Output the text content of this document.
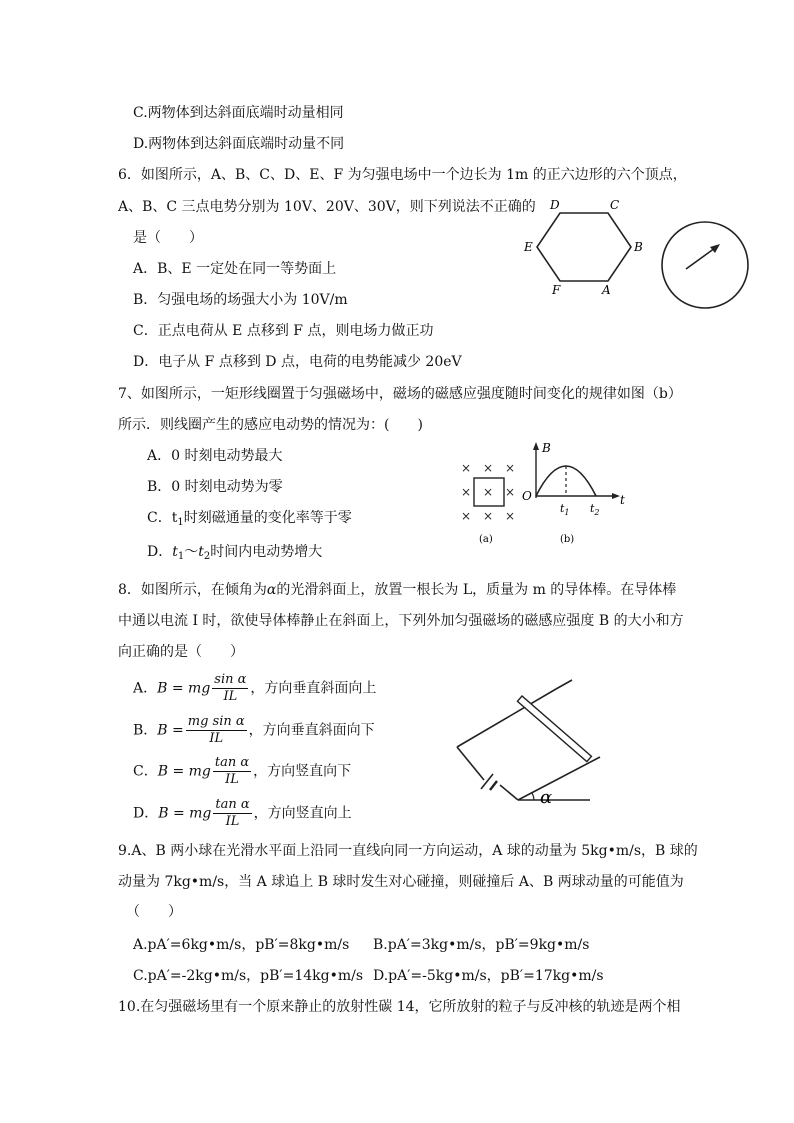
C.两物体到达斜面底端时动量相同
D.两物体到达斜面底端时动量不同
6．如图所示，A、B、C、D、E、F 为匀强电场中一个边长为 1m 的正六边形的六个顶点，
A、B、C 三点电势分别为 10V、20V、30V，则下列说法不正确的
是（　　）
A．B、E 一定处在同一等势面上
B．匀强电场的场强大小为 10V/m
C．正点电荷从 E 点移到 F 点，则电场力做正功
D．电子从 F 点移到 D 点，电荷的电势能减少 20eV
D	C
E	B
F	A
7、如图所示，一矩形线圈置于匀强磁场中，磁场的磁感应强度随时间变化的规律如图（b）
所示．则线圈产生的感应电动势的情况为：(　　)
A．0 时刻电动势最大
B．0 时刻电动势为零
C．$t_1$时刻磁通量的变化率等于零
D．$t_1\sim t_2$时间内电动势增大
× × ×
× × ×
× × ×
(a)
B
O	t
$t_1$ $t_2$
(b)
8．如图所示，在倾角为α的光滑斜面上，放置一根长为 L，质量为 m 的导体棒。在导体棒
中通以电流 I 时，欲使导体棒静止在斜面上，下列外加匀强磁场的磁感应强度 B 的大小和方
向正确的是（　　）
A．B = mg $\frac{\text{sin α}}{IL}$ ，方向垂直斜面向上
B．$B = \frac{\text{mg sin α}}{IL}$ ，方向垂直斜面向下
C．B = mg $\frac{\text{tan α}}{IL}$ ，方向竖直向下
D．B = mg $\frac{\text{tan α}}{IL}$ ，方向竖直向上
α
9.A、B 两小球在光滑水平面上沿同一直线向同一方向运动，A 球的动量为 5kg•m/s，B 球的
动量为 7kg•m/s，当 A 球追上 B 球时发生对心碰撞，则碰撞后 A、B 两球动量的可能值为
（　　）
A.pA′=6kg•m/s，pB′=8kg•m/s B.pA′=3kg•m/s，pB′=9kg•m/s
C.pA′=-2kg•m/s，pB′=14kg•m/s D.pA′=-5kg•m/s，pB′=17kg•m/s
10.在匀强磁场里有一个原来静止的放射性碳 14，它所放射的粒子与反冲核的轨迹是两个相
